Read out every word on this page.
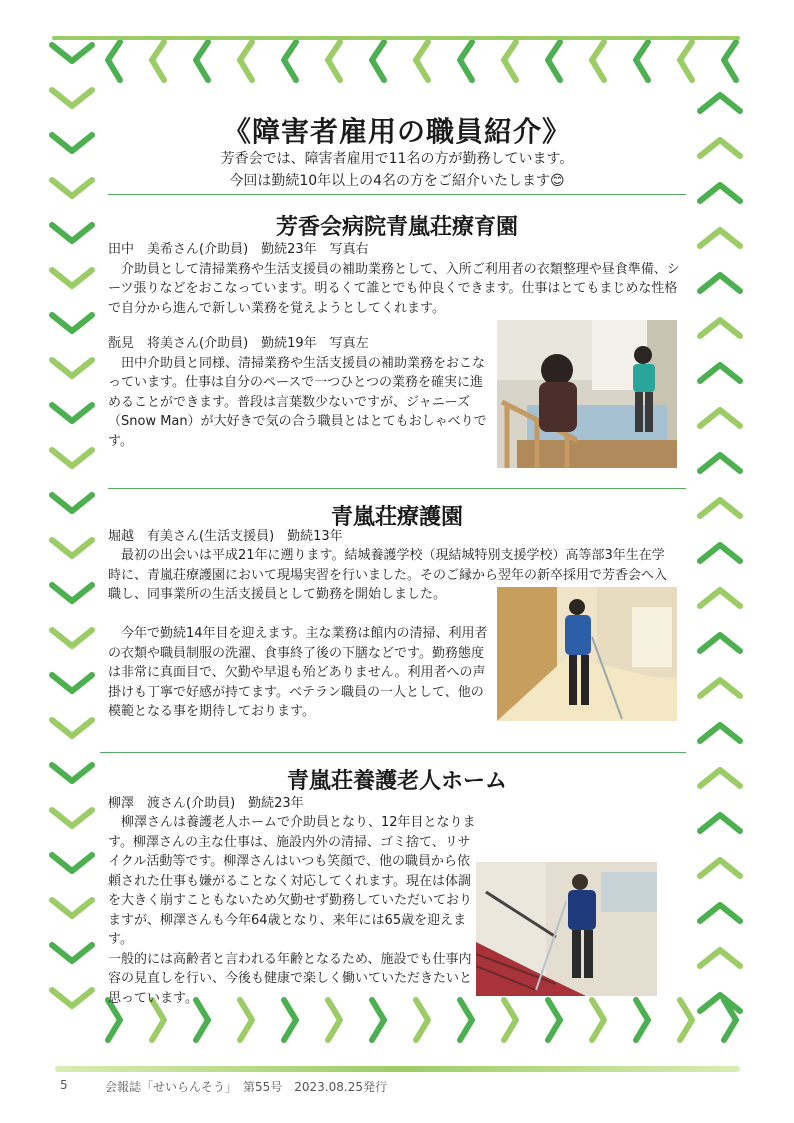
《障害者雇用の職員紹介》
芳香会では、障害者雇用で11名の方が勤務しています。
今回は勤続10年以上の4名の方をご紹介いたします😊
芳香会病院青嵐荘療育園

田中　美希さん(介助員)　勤続23年　写真右

　介助員として清掃業務や生活支援員の補助業務として、入所ご利用者の衣類整理や昼食準備、シーツ張りなどをおこなっています。明るくて誰とでも仲良くできます。仕事はとてもまじめな性格で自分から進んで新しい業務を覚えようとしてくれます。

翫見　将美さん(介助員)　勤続19年　写真左

　田中介助員と同様、清掃業務や生活支援員の補助業務をおこなっています。仕事は自分のペースで一つひとつの業務を確実に進めることができます。普段は言葉数少ないですが、ジャニーズ（Snow Man）が大好きで気の合う職員とはとてもおしゃべりです。

青嵐荘療護園
堀越　有美さん(生活支援員)　勤続13年
　最初の出会いは平成21年に遡ります。結城養護学校（現結城特別支援学校）高等部3年生在学時に、青嵐荘療護園において現場実習を行いました。そのご縁から翌年の新卒採用で芳香会へ入職し、同事業所の生活支援員として勤務を開始しました。
　今年で勤続14年目を迎えます。主な業務は館内の清掃、利用者の衣類や職員制服の洗濯、食事終了後の下膳などです。勤務態度は非常に真面目で、欠勤や早退も殆どありません。利用者への声掛けも丁寧で好感が持てます。ベテラン職員の一人として、他の模範となる事を期待しております。
青嵐荘養護老人ホーム
柳澤　渡さん(介助員)　勤続23年

　柳澤さんは養護老人ホームで介助員となり、12年目となります。柳澤さんの主な仕事は、施設内外の清掃、ゴミ捨て、リサイクル活動等です。柳澤さんはいつも笑顔で、他の職員から依頼された仕事も嫌がることなく対応してくれます。現在は体調を大きく崩すこともないため欠勤せず勤務していただいておりますが、柳澤さんも今年64歳となり、来年には65歳を迎えます。

一般的には高齢者と言われる年齢となるため、施設でも仕事内容の見直しを行い、今後も健康で楽しく働いていただきたいと思っています。

5	会報誌「せいらんそう」　第55号　2023.08.25発行
